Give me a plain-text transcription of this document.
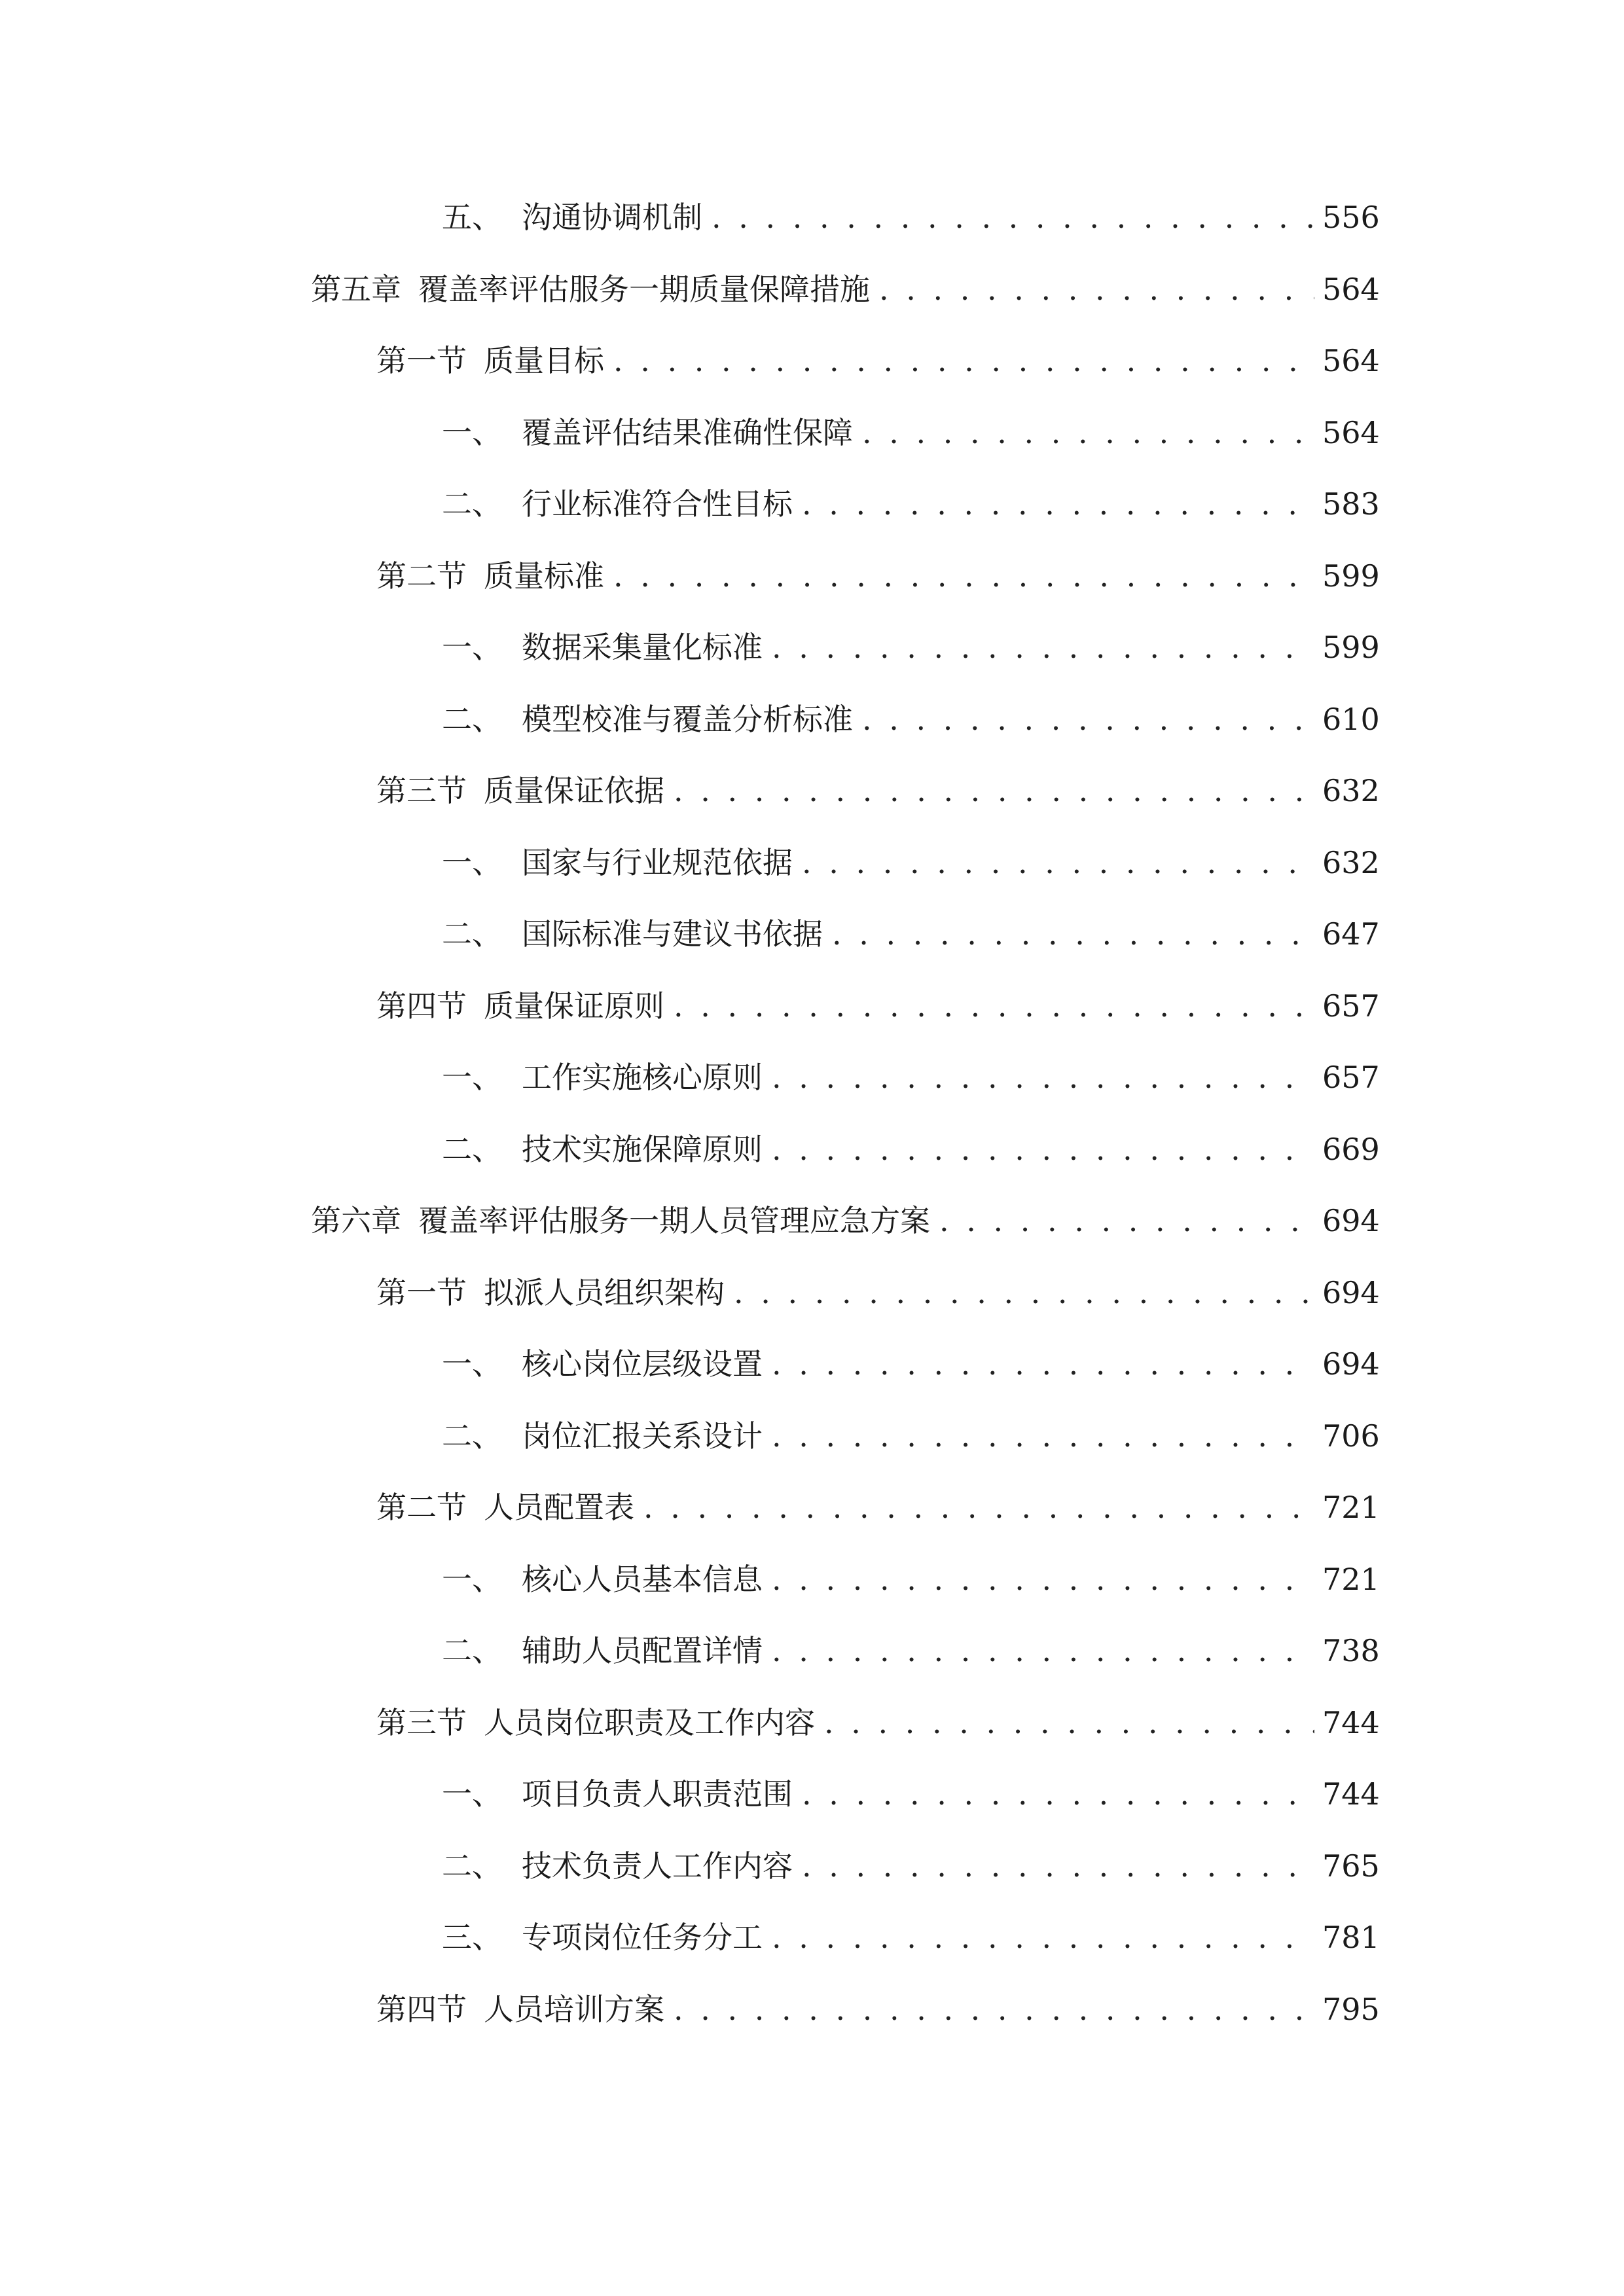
五、 沟通协调机制 . . .	556
第五章 覆盖率评估服务一期质量保障措施 . . .	564
第一节 质量目标 . . .	564
一、 覆盖评估结果准确性保障 . . .	564
二、 行业标准符合性目标 . . .	583
第二节 质量标准 . . .	599
一、 数据采集量化标准 . . .	599
二、 模型校准与覆盖分析标准 . . .	610
第三节 质量保证依据 . . .	632
一、 国家与行业规范依据 . . .	632
二、 国际标准与建议书依据 . . .	647
第四节 质量保证原则 . . .	657
一、 工作实施核心原则 . . .	657
二、 技术实施保障原则 . . .	669
第六章 覆盖率评估服务一期人员管理应急方案 . . .	694
第一节 拟派人员组织架构 . . .	694
一、 核心岗位层级设置 . . .	694
二、 岗位汇报关系设计 . . .	706
第二节 人员配置表 . . .	721
一、 核心人员基本信息 . . .	721
二、 辅助人员配置详情 . . .	738
第三节 人员岗位职责及工作内容 . . .	744
一、 项目负责人职责范围 . . .	744
二、 技术负责人工作内容 . . .	765
三、 专项岗位任务分工 . . .	781
第四节 人员培训方案 . . .	795
